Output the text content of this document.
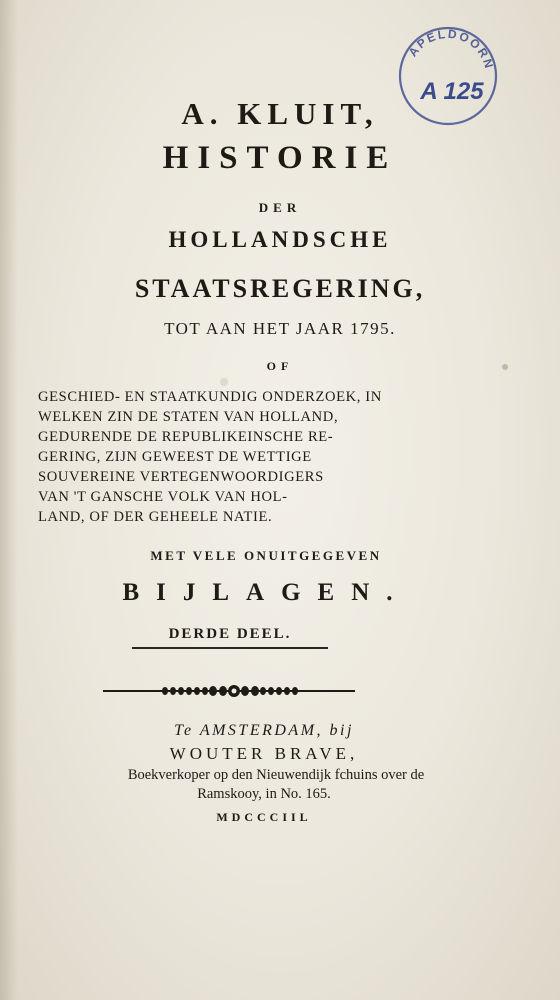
APELDOORN
A 125
A. KLUIT,
HISTORIE
DER
HOLLANDSCHE
STAATSREGERING,
TOT AAN HET JAAR 1795.
OF
GESCHIED- EN STAATKUNDIG ONDERZOEK, IN
WELKEN ZIN DE STATEN VAN HOLLAND,
GEDURENDE DE REPUBLIKEINSCHE RE-
GERING, ZIJN GEWEEST DE WETTIGE
SOUVEREINE VERTEGENWOORDIGERS
VAN 'T GANSCHE VOLK VAN HOL-
LAND, OF DER GEHEELE NATIE.
MET VELE ONUITGEGEVEN
BIJLAGEN.
DERDE DEEL.
Te AMSTERDAM, bij
WOUTER BRAVE,
Boekverkoper op den Nieuwendijk fchuins over de
Ramskooy, in No. 165.
MDCCCIIL
